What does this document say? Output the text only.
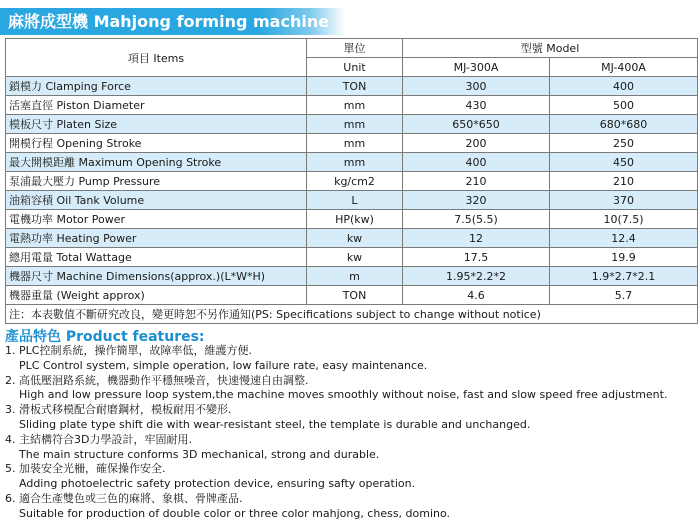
麻將成型機 Mahjong forming machine
項目 Items	單位	型號 Model	
	Unit	MJ-300A	MJ-400A
鎖模力 Clamping Force	TON	300	400
活塞直徑 Piston Diameter	mm	430	500
模板尺寸 Platen Size	mm	650*650	680*680
開模行程 Opening Stroke	mm	200	250
最大開模距離 Maximum Opening Stroke	mm	400	450
泵浦最大壓力 Pump Pressure	kg/cm2	210	210
油箱容積 Oil Tank Volume	L	320	370
電機功率 Motor Power	HP(kw)	7.5(5.5)	10(7.5)
電熱功率 Heating Power	kw	12	12.4
總用電量 Total Wattage	kw	17.5	19.9
機器尺寸 Machine Dimensions(approx.)(L*W*H)	m	1.95*2.2*2	1.9*2.7*2.1
機器重量 (Weight approx)	TON	4.6	5.7
注：本表數值不斷研究改良，變更時恕不另作通知(PS: Specifications subject to change without notice)			
產品特色 Product features:
1. PLC控制系統，操作簡單，故障率低，維護方便.
PLC Control system, simple operation, low failure rate, easy maintenance.
2. 高低壓洄路系統，機器動作平穩無噪音，快速慢速自由調整.
High and low pressure loop system,the machine moves smoothly without noise, fast and slow speed free adjustment.
3. 滑板式移模配合耐磨鋼材，模板耐用不變形.
Sliding plate type shift die with wear-resistant steel, the template is durable and unchanged.
4. 主結構符合3D力學設計，牢固耐用.
The main structure conforms 3D mechanical, strong and durable.
5. 加裝安全光柵，確保操作安全.
Adding photoelectric safety protection device, ensuring safty operation.
6. 適合生產雙色或三色的麻將、象棋、骨牌產品.
Suitable for production of double color or three color mahjong, chess, domino.
